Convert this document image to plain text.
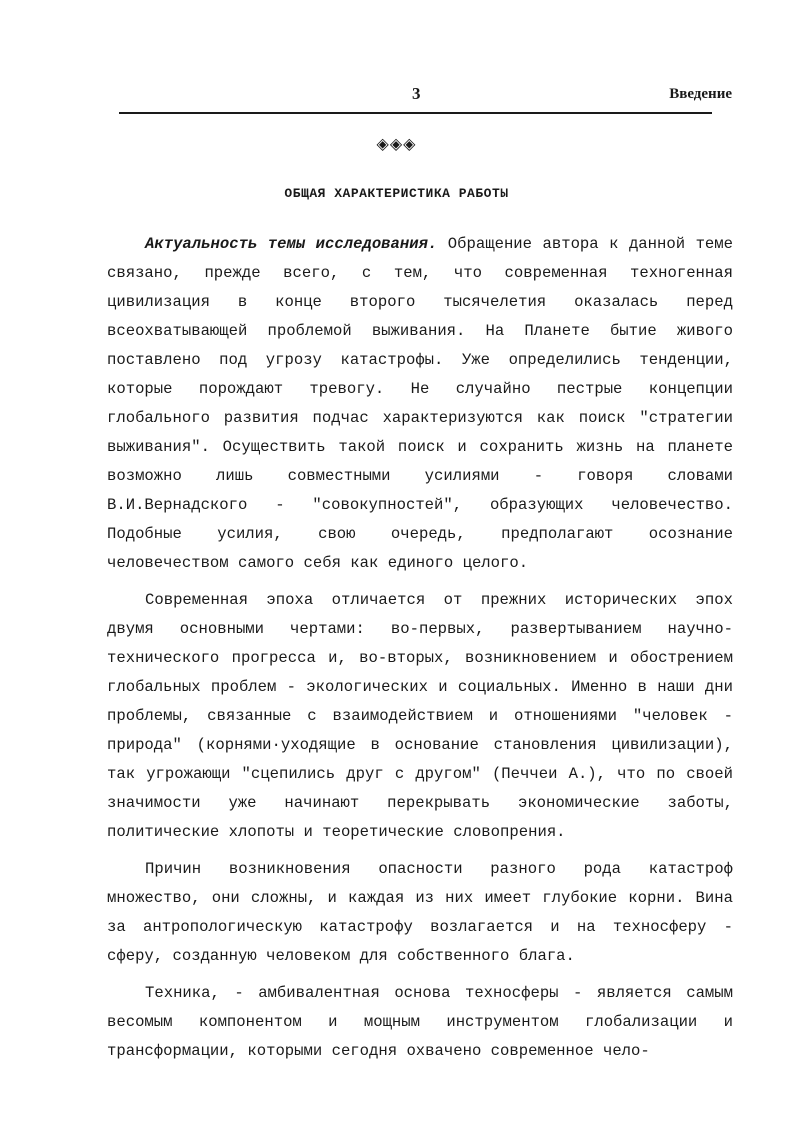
3	Введение
◈◈◈
ОБЩАЯ ХАРАКТЕРИСТИКА РАБОТЫ

Актуальность темы исследования. Обращение автора к данной теме связано, прежде всего, с тем, что современная техногенная цивилизация в конце второго тысячелетия оказалась перед всеохватывающей проблемой выживания. На Планете бытие живого поставлено под угрозу катастрофы. Уже определились тенденции, которые порождают тревогу. Не случайно пестрые концепции глобального развития подчас характеризуются как поиск "стратегии выживания". Осуществить такой поиск и сохранить жизнь на планете возможно лишь совместными усилиями - говоря словами В.И.Вернадского - "совокупностей", образующих человечество. Подобные усилия, свою очередь, предполагают осознание человечеством самого себя как единого целого.

Современная эпоха отличается от прежних исторических эпох двумя основными чертами: во-первых, развертыванием научно-технического прогресса и, во-вторых, возникновением и обострением глобальных проблем - экологических и социальных. Именно в наши дни проблемы, связанные с взаимодействием и отношениями "человек - природа" (корнями·уходящие в основание становления цивилизации), так угрожающи "сцепились друг с другом" (Печчеи А.), что по своей значимости уже начинают перекрывать экономические заботы, политические хлопоты и теоретические словопрения.

Причин возникновения опасности разного рода катастроф множество, они сложны, и каждая из них имеет глубокие корни. Вина за антропологическую катастрофу возлагается и на техносферу - сферу, созданную человеком для собственного блага.

Техника, - амбивалентная основа техносферы - является самым весомым компонентом и мощным инструментом глобализации и трансформации, которыми сегодня охвачено современное чело-
